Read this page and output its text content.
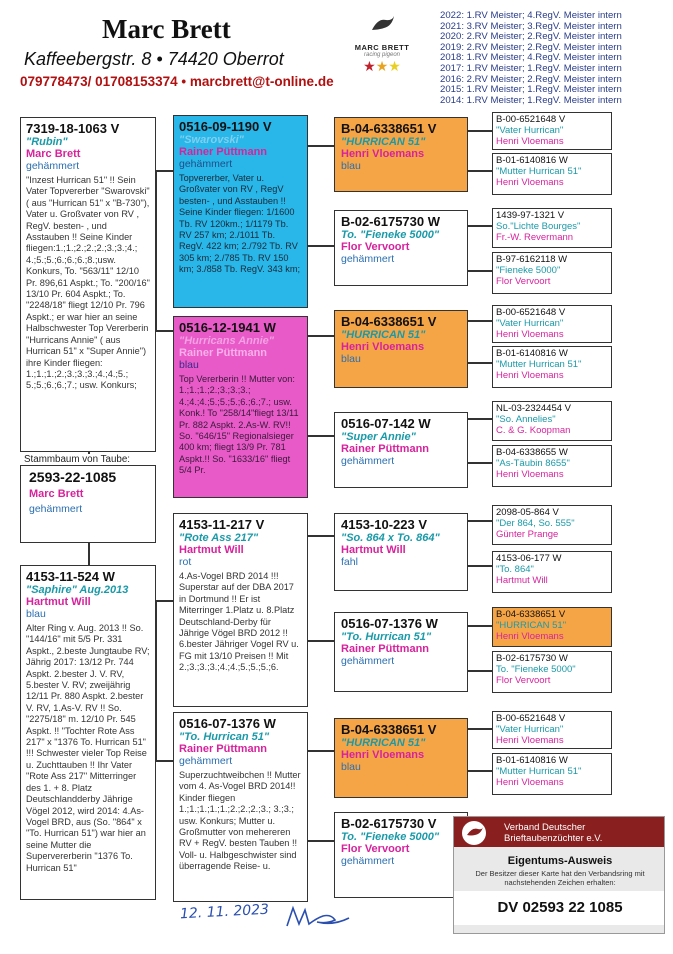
Marc Brett
Kaffeebergstr. 8 • 74420 Oberrot
079778473/ 01708153374 • marcbrett@t-online.de
MARC BRETT
racing pigeon
★★★
2022: 1.RV Meister; 4.RegV. Meister intern
2021: 3.RV Meister; 3.RegV. Meister intern
2020: 2.RV Meister; 2.RegV. Meister intern
2019: 2.RV Meister; 2.RegV. Meister intern
2018: 1.RV Meister; 4.RegV. Meister intern
2017: 1.RV Meister; 1.RegV. Meister intern
2016: 2.RV Meister; 2.RegV. Meister intern
2015: 1.RV Meister; 1.RegV. Meister intern
2014: 1.RV Meister; 1.RegV. Meister intern
7319-18-1063 V
"Rubin"
Marc Brett
gehämmert
"Inzest Hurrican 51" !! Sein Vater Topvererber "Swarovski" ( aus "Hurrican 51" x "B-730"), Vater u. Großvater von RV , RegV. besten- , und Asstauben !! Seine Kinder fliegen:1.;1.;2.;2.;2.;3.;3.;4.; 4.;5.;5.;6.;6.;6.;8.;usw. Konkurs, To. "563/11" 12/10 Pr. 896,61 Aspkt.; To. "200/16" 13/10 Pr. 604 Aspkt.; To. "2248/18" fliegt 12/10 Pr. 796 Aspkt.; er war hier an seine Halbschwester Top Vererberin "Hurricans Annie" ( aus Hurrican 51" x "Super Annie") ihre Kinder fliegen: 1.;1.;1.;2.;3.;3.;3.;4.;4.;5.; 5.;5.;6.;6.;7.; usw. Konkurs;
Stammbaum von Taube:
2593-22-1085
Marc Brett
gehämmert
4153-11-524 W
"Saphire" Aug.2013
Hartmut Will
blau
Alter Ring v. Aug. 2013 !! So. "144/16" mit 5/5 Pr. 331 Aspkt., 2.beste Jungtaube RV; Jährig 2017: 13/12 Pr. 744 Aspkt. 2.bester J. V. RV, 5.bester V. RV; zweijährig 12/11 Pr. 880 Aspkt. 2.bester V. RV, 1.As-V. RV !! So. "2275/18" m. 12/10 Pr. 545 Aspkt. !! "Tochter Rote Ass 217" x "1376 To. Hurrican 51" !!! Schwester vieler Top Reise u. Zuchttauben !! Ihr Vater "Rote Ass 217" Mitterringer des 1. + 8. Platz Deutschlandderby Jährige Vögel 2012, wird 2014: 4.As-Vogel BRD, aus (So. "864" x "To. Hurrican 51") war hier an seine Mutter die Supervererberin "1376 To. Hurrican 51"
0516-09-1190 V
"Swarovski"
Rainer Püttmann
gehämmert
Topvererber, Vater u. Großvater von RV , RegV besten- , und Asstauben !! Seine Kinder fliegen: 1/1600 Tb. RV 120km.; 1/1179 Tb. RV 257 km; 2./1011 Tb. RegV. 422 km; 2./792 Tb. RV 305 km; 2./785 Tb. RV 150 km; 3./858 Tb. RegV. 343 km;
0516-12-1941 W
"Hurricans Annie"
Rainer Püttmann
blau
Top Vererberin !! Mutter von: 1.;1.;1.;2.;3.;3.;3.; 4.;4.;4.;5.;5.;5.;6.;6.;7.; usw. Konk.! To "258/14"fliegt 13/11 Pr. 882 Aspkt. 2.As-W. RV!! So. "646/15" Regionalsieger 400 km; fliegt 13/9 Pr. 781 Aspkt.!! So. "1633/16" fliegt 5/4 Pr.
4153-11-217 V
"Rote Ass 217"
Hartmut Will
rot
4.As-Vogel BRD 2014 !!! Superstar auf der DBA 2017 in Dortmund !! Er ist Miterringer 1.Platz u. 8.Platz Deutschland-Derby für Jährige Vögel BRD 2012 !! 6.bester Jähriger Vogel RV u. FG mit 13/10 Preisen !! Mit 2.;3.;3.;3.;4.;4.;5.;5.;5.;6.
0516-07-1376 W
"To. Hurrican 51"
Rainer Püttmann
gehämmert
Superzuchtweibchen !! Mutter vom 4. As-Vogel BRD 2014!! Kinder fliegen 1.;1.;1.;1.;1.;2.;2.;2.;3.; 3.;3.; usw. Konkurs; Mutter u. Großmutter von mehereren RV + RegV. besten Tauben !! Voll- u. Halbgeschwister sind überragende Reise- u.
B-04-6338651 V
"HURRICAN 51"
Henri Vloemans
blau
B-02-6175730 W
To. "Fieneke 5000"
Flor Vervoort
gehämmert
B-04-6338651 V
"HURRICAN 51"
Henri Vloemans
blau
0516-07-142 W
"Super Annie"
Rainer Püttmann
gehämmert
4153-10-223 V
"So. 864 x To. 864"
Hartmut Will
fahl
0516-07-1376 W
"To. Hurrican 51"
Rainer Püttmann
gehämmert
B-04-6338651 V
"HURRICAN 51"
Henri Vloemans
blau
B-02-6175730 V
To. "Fieneke 5000"
Flor Vervoort
gehämmert
B-00-6521648 V
"Vater Hurrican"
Henri Vloemans
B-01-6140816 W
"Mutter Hurrican 51"
Henri Vloemans
1439-97-1321 V
So."Lichte Bourges"
Fr.-W. Revermann
B-97-6162118 W
"Fieneke 5000"
Flor Vervoort
B-00-6521648 V
"Vater Hurrican"
Henri Vloemans
B-01-6140816 W
"Mutter Hurrican 51"
Henri Vloemans
NL-03-2324454 V
"So. Annelies"
C. & G. Koopman
B-04-6338655 W
"As-Täubin 8655"
Henri Vloemans
2098-05-864 V
"Der 864, So. 555"
Günter Prange
4153-06-177 W
"To. 864"
Hartmut Will
B-04-6338651 V
"HURRICAN 51"
Henri Vloemans
B-02-6175730 W
To. "Fieneke 5000"
Flor Vervoort
B-00-6521648 V
"Vater Hurrican"
Henri Vloemans
B-01-6140816 W
"Mutter Hurrican 51"
Henri Vloemans
Verband Deutscher Brieftaubenzüchter e.V.
Eigentums-Ausweis
Der Besitzer dieser Karte hat den Verbandsring mit nachstehenden Zeichen erhalten:
DV 02593 22 1085
12. 11. 2023
